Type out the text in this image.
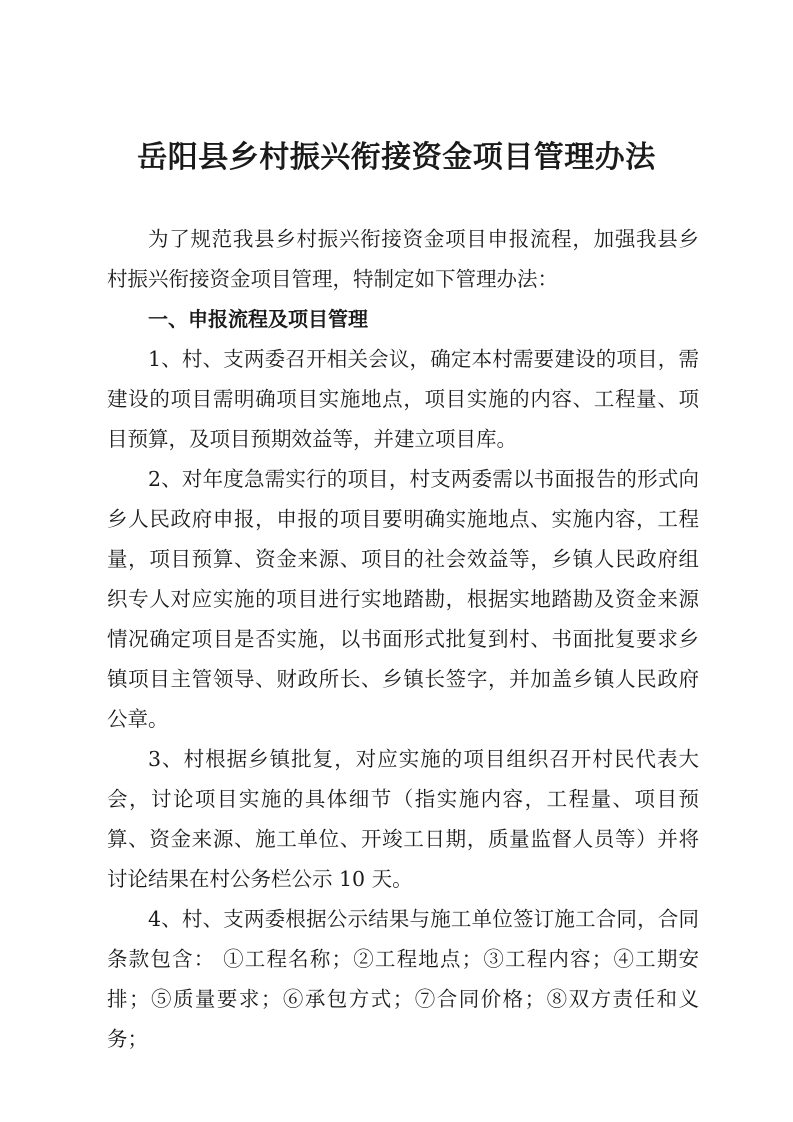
岳阳县乡村振兴衔接资金项目管理办法

为了规范我县乡村振兴衔接资金项目申报流程，加强我县乡村振兴衔接资金项目管理，特制定如下管理办法：

一、申报流程及项目管理

1、村、支两委召开相关会议，确定本村需要建设的项目，需建设的项目需明确项目实施地点，项目实施的内容、工程量、项目预算，及项目预期效益等，并建立项目库。

2、对年度急需实行的项目，村支两委需以书面报告的形式向乡人民政府申报，申报的项目要明确实施地点、实施内容，工程量，项目预算、资金来源、项目的社会效益等，乡镇人民政府组织专人对应实施的项目进行实地踏勘，根据实地踏勘及资金来源情况确定项目是否实施，以书面形式批复到村、书面批复要求乡镇项目主管领导、财政所长、乡镇长签字，并加盖乡镇人民政府公章。

3、村根据乡镇批复，对应实施的项目组织召开村民代表大会，讨论项目实施的具体细节（指实施内容，工程量、项目预算、资金来源、施工单位、开竣工日期，质量监督人员等）并将讨论结果在村公务栏公示 10 天。

4、村、支两委根据公示结果与施工单位签订施工合同，合同条款包含： ①工程名称；②工程地点；③工程内容；④工期安排；⑤质量要求；⑥承包方式；⑦合同价格；⑧双方责任和义务；
